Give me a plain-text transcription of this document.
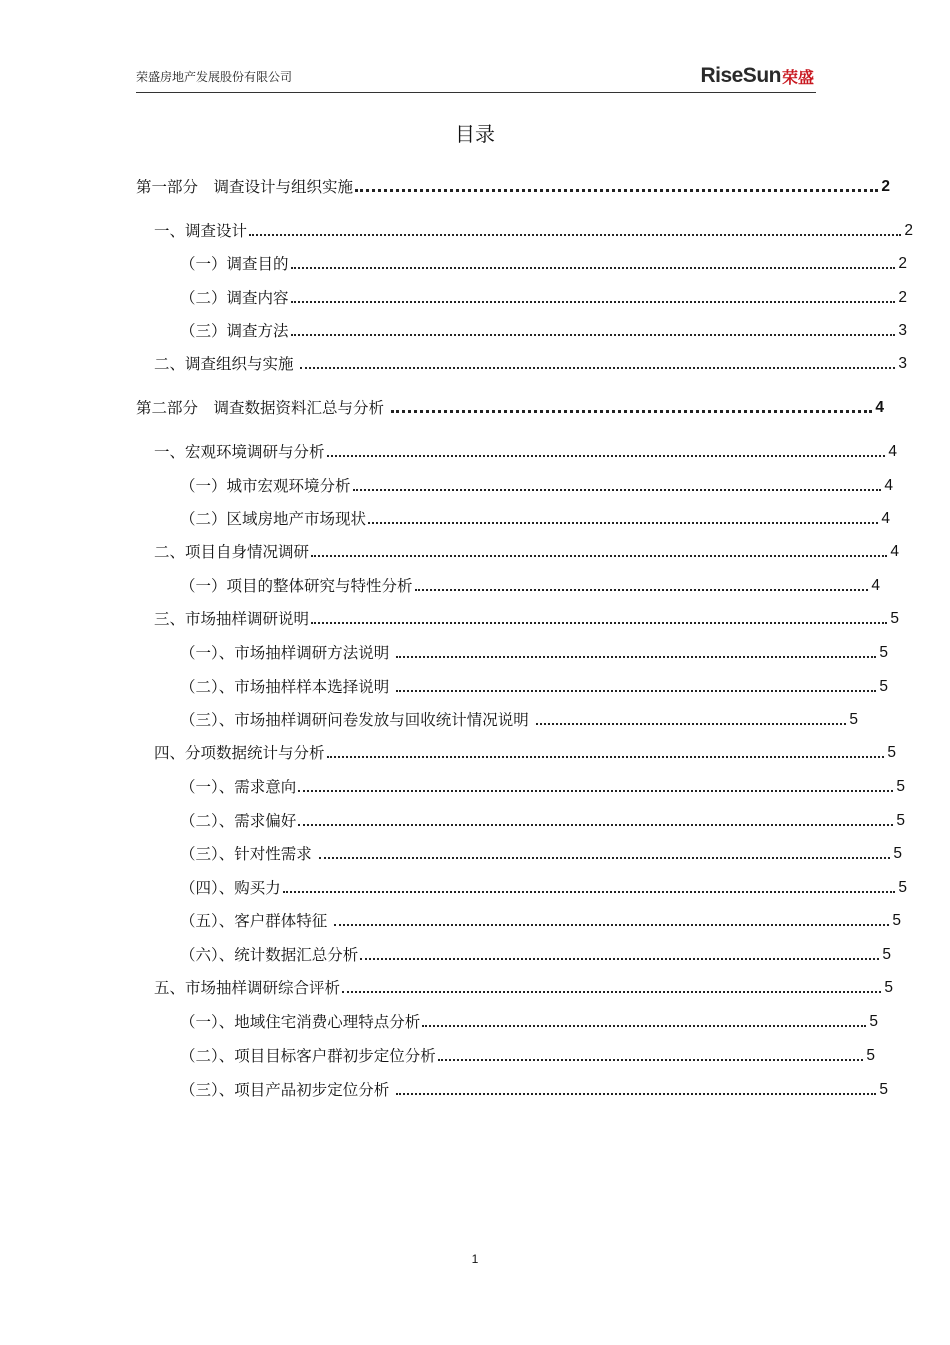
荣盛房地产发展股份有限公司	RiseSun 荣盛
目录
第一部分　调查设计与组织实施	2
一、调查设计	2
（一）调查目的	2
（二）调查内容	2
（三）调查方法	3
二、调查组织与实施	3
第二部分　调查数据资料汇总与分析	4
一、宏观环境调研与分析	4
（一）城市宏观环境分析	4
（二）区域房地产市场现状	4
二、项目自身情况调研	4
（一）项目的整体研究与特性分析	4
三、市场抽样调研说明	5
（一）、市场抽样调研方法说明	5
（二）、市场抽样样本选择说明	5
（三）、市场抽样调研问卷发放与回收统计情况说明	5
四、分项数据统计与分析	5
（一）、需求意向	5
（二）、需求偏好	5
（三）、针对性需求	5
（四）、购买力	5
（五）、客户群体特征	5
（六）、统计数据汇总分析	5
五、市场抽样调研综合评析	5
（一）、地域住宅消费心理特点分析	5
（二）、项目目标客户群初步定位分析	5
（三）、项目产品初步定位分析	5
1
